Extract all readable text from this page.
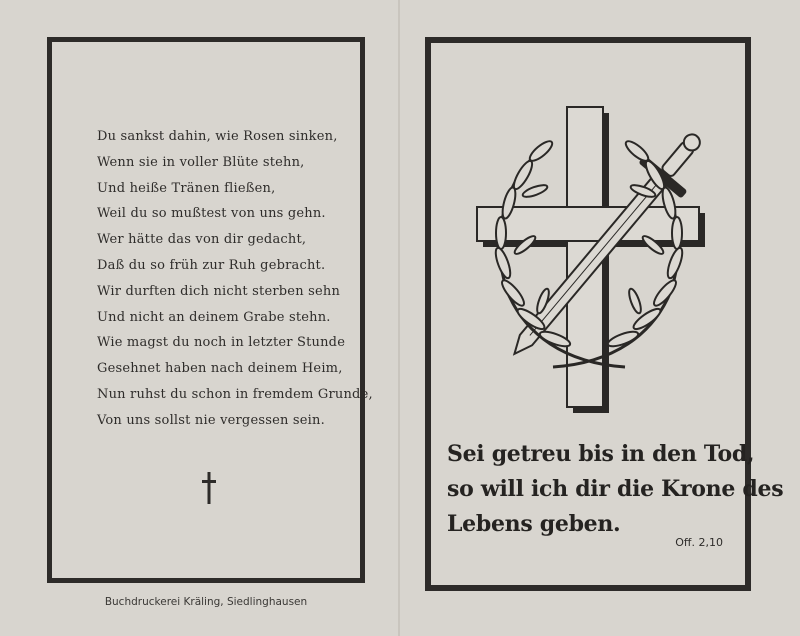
Du sankst dahin, wie Rosen sinken,
Wenn sie in voller Blüte stehn,
Und heiße Tränen fließen,
Weil du so mußtest von uns gehn.
Wer hätte das von dir gedacht,
Daß du so früh zur Ruh gebracht.
Wir durften dich nicht sterben sehn
Und nicht an deinem Grabe stehn.
Wie magst du noch in letzter Stunde
Gesehnet haben nach deinem Heim,
Nun ruhst du schon in fremdem Grunde,
Von uns sollst nie vergessen sein.
Buchdruckerei Kräling, Siedlinghausen
Sei getreu bis in den Tod,
so will ich dir die Krone des
Lebens geben.
Off. 2,10
